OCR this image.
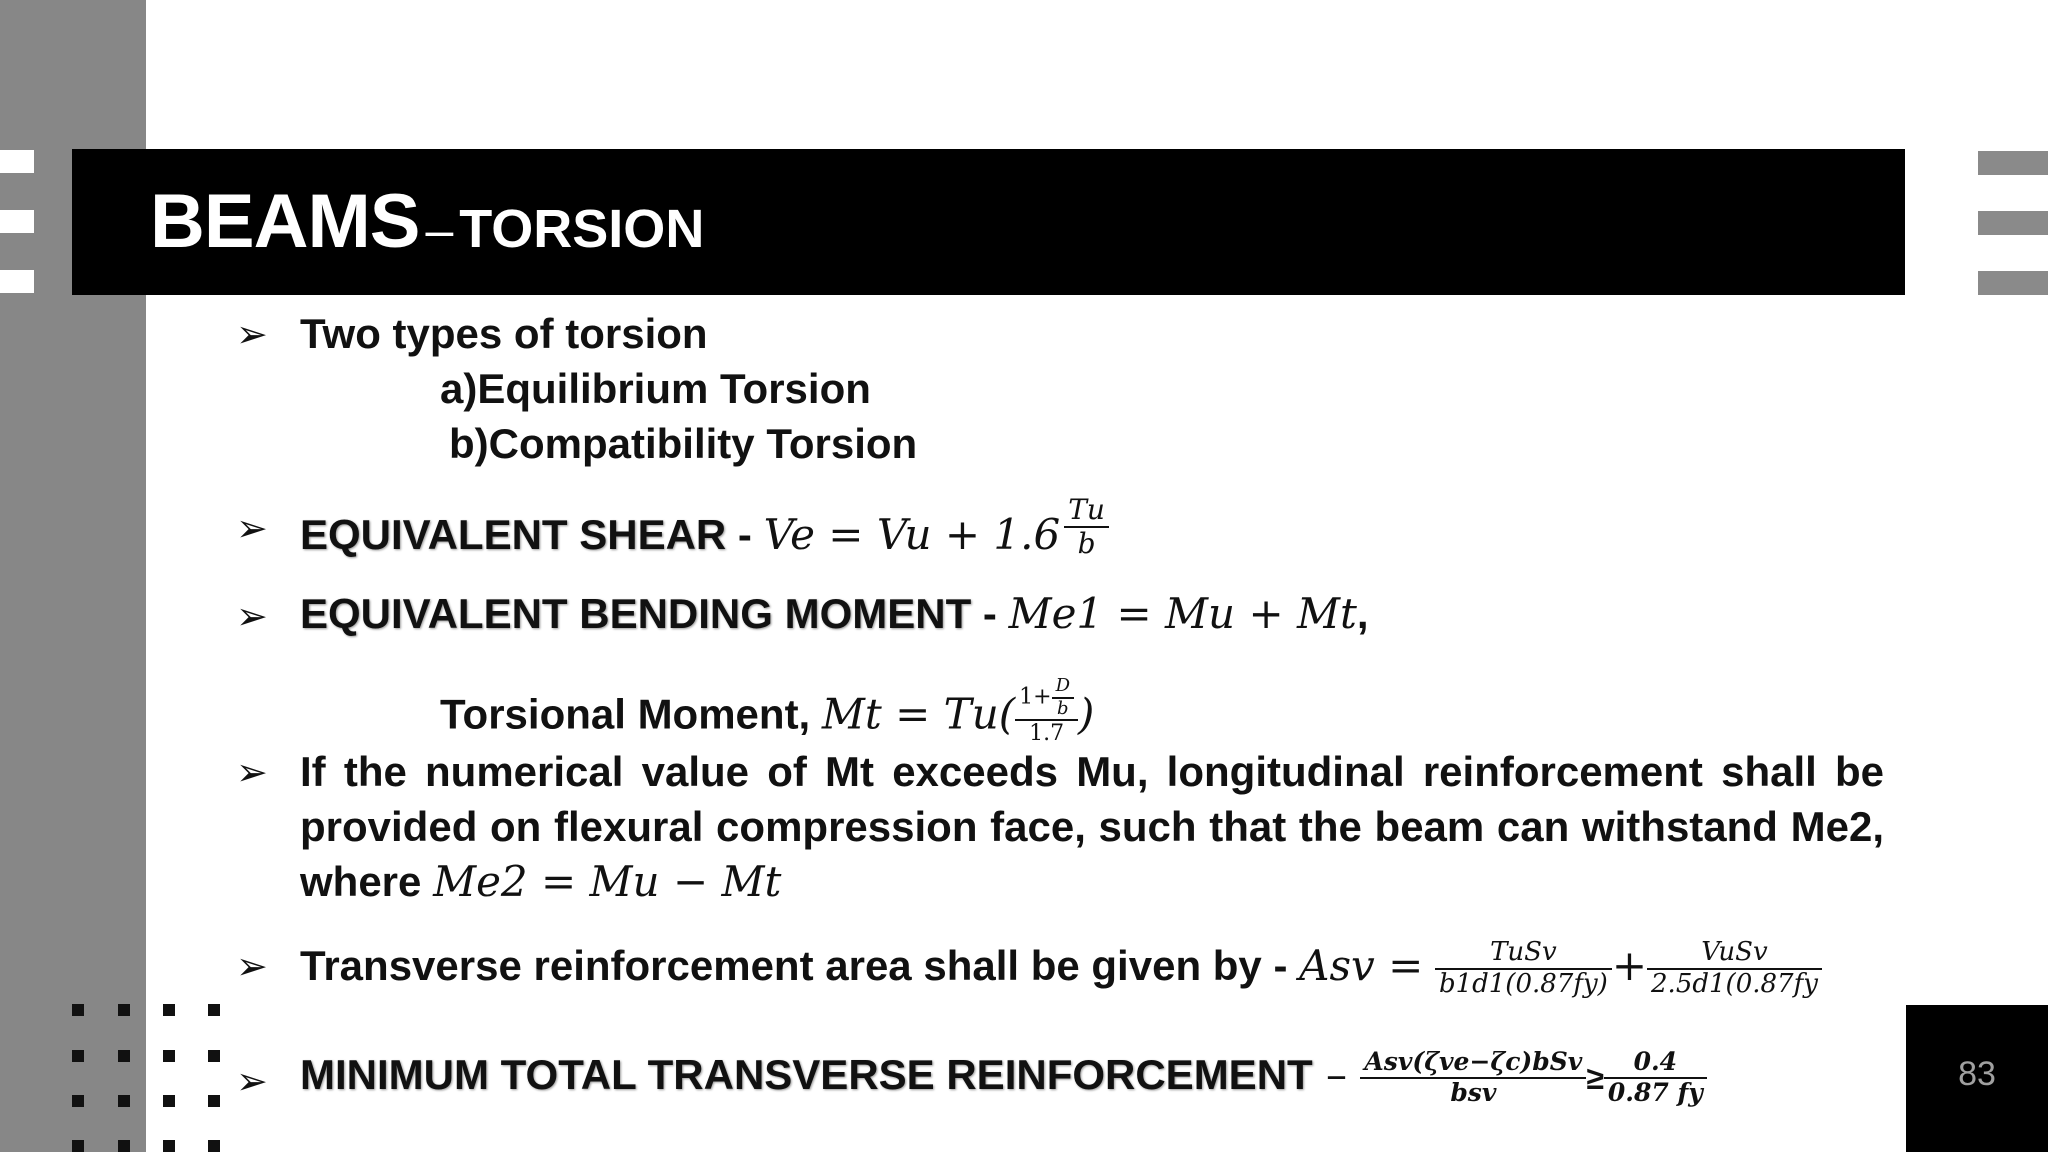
BEAMS – TORSION
➢ Two types of torsion
a)Equilibrium Torsion
b)Compatibility Torsion
➢ EQUIVALENT SHEAR - $Ve = Vu + 1.6 \frac{Tu}{b}$
➢ EQUIVALENT BENDING MOMENT - Me1 = Mu + Mt,
Torsional Moment, $Mt = Tu( \frac{1+ \frac{D}{b}}{1.7}$ )
➢ If the numerical value of Mt exceeds Mu, longitudinal reinforcement shall be provided on flexural compression face, such that the beam can withstand Me2, where Me2 = Mu − Mt
➢ Transverse reinforcement area shall be given by - Asv = $\frac{\text{TuSv}}{b1d1(0.87fy)} + \frac{\text{VuSv}}{2.5d1(0.87fy}$
➢ MINIMUM TOTAL TRANSVERSE REINFORCEMENT – $\frac{\text{Asv(ζve−ζc)bSv}}{\text{bsv}} \ge \frac{0.4}{0.87 fy}$	83
